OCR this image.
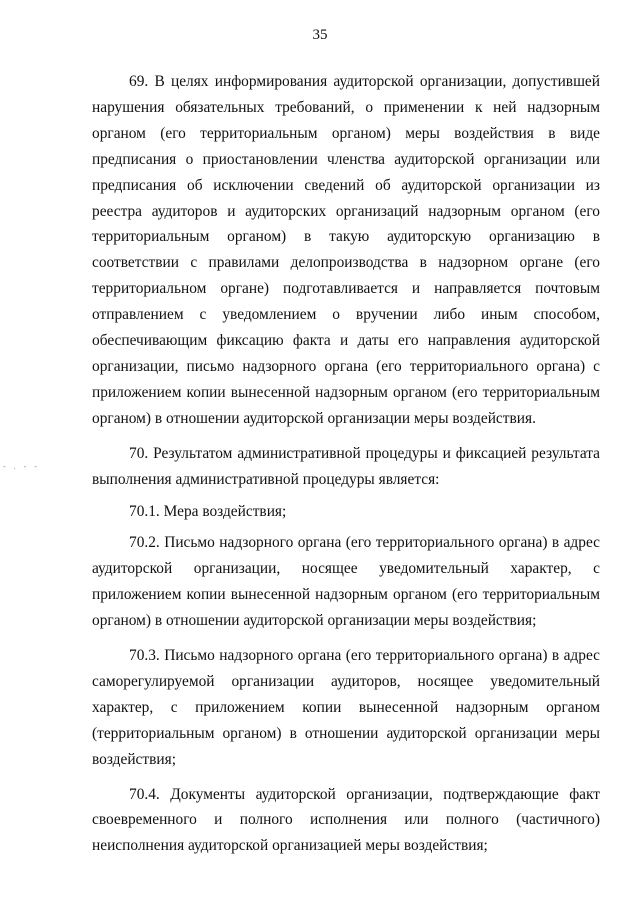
35
- . - -

69. В целях информирования аудиторской организации, допустившей нарушения обязательных требований, о применении к ней надзорным органом (его территориальным органом) меры воздействия в виде предписания о приостановлении членства аудиторской организации или предписания об исключении сведений об аудиторской организации из реестра аудиторов и аудиторских организаций надзорным органом (его территориальным органом) в такую аудиторскую организацию в соответствии с правилами делопроизводства в надзорном органе (его территориальном органе) подготавливается и направляется почтовым отправлением с уведомлением о вручении либо иным способом, обеспечивающим фиксацию факта и даты его направления аудиторской организации, письмо надзорного органа (его территориального органа) с приложением копии вынесенной надзорным органом (его территориальным органом) в отношении аудиторской организации меры воздействия.

70. Результатом административной процедуры и фиксацией результата выполнения административной процедуры является:

70.1. Мера воздействия;

70.2. Письмо надзорного органа (его территориального органа) в адрес аудиторской организации, носящее уведомительный характер, с приложением копии вынесенной надзорным органом (его территориальным органом) в отношении аудиторской организации меры воздействия;

70.3. Письмо надзорного органа (его территориального органа) в адрес саморегулируемой организации аудиторов, носящее уведомительный характер, с приложением копии вынесенной надзорным органом (территориальным органом) в отношении аудиторской организации меры воздействия;

70.4. Документы аудиторской организации, подтверждающие факт своевременного и полного исполнения или полного (частичного) неисполнения аудиторской организацией меры воздействия;
